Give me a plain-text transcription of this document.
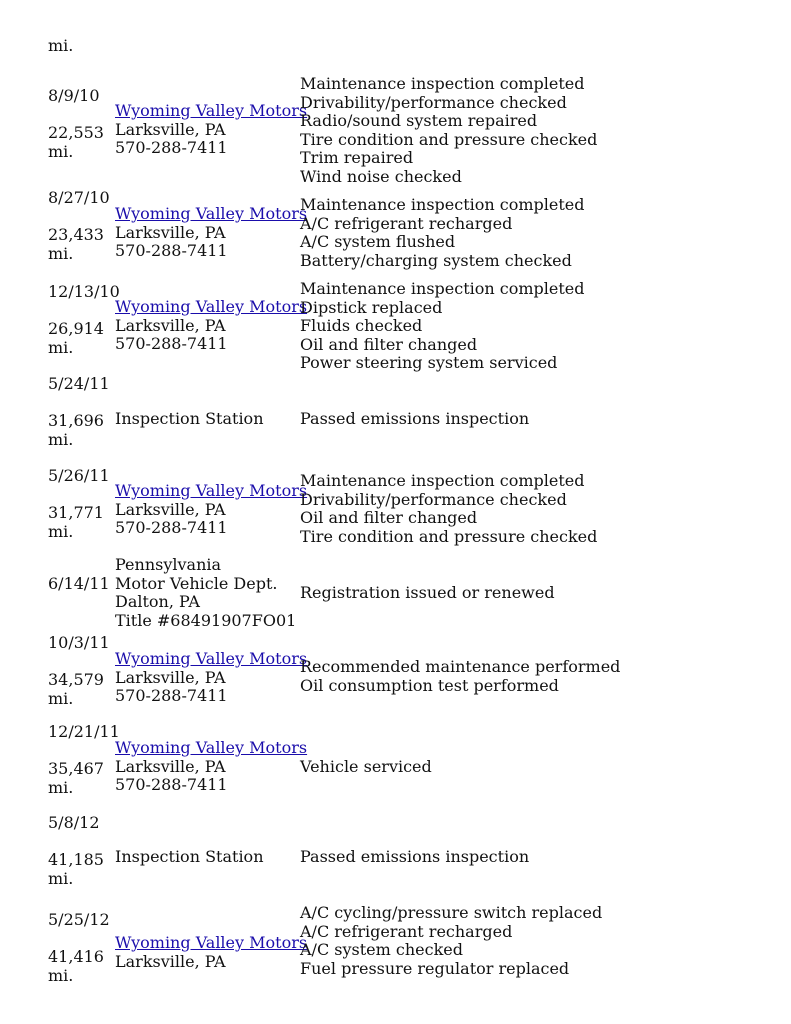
mi.
8/9/10
22,553
mi.
Wyoming Valley Motors
Larksville, PA
570-288-7411
Maintenance inspection completed
Drivability/performance checked
Radio/sound system repaired
Tire condition and pressure checked
Trim repaired
Wind noise checked
8/27/10
23,433
mi.
Wyoming Valley Motors
Larksville, PA
570-288-7411
Maintenance inspection completed
A/C refrigerant recharged
A/C system flushed
Battery/charging system checked
12/13/10
26,914
mi.
Wyoming Valley Motors
Larksville, PA
570-288-7411
Maintenance inspection completed
Dipstick replaced
Fluids checked
Oil and filter changed
Power steering system serviced
5/24/11
31,696
mi.
Inspection Station	Passed emissions inspection
5/26/11
31,771
mi.
Wyoming Valley Motors
Larksville, PA
570-288-7411
Maintenance inspection completed
Drivability/performance checked
Oil and filter changed
Tire condition and pressure checked
6/14/11
Pennsylvania
Motor Vehicle Dept.
Dalton, PA
Title #68491907FO01
Registration issued or renewed
10/3/11
34,579
mi.
Wyoming Valley Motors
Larksville, PA
570-288-7411
Recommended maintenance performed
Oil consumption test performed
12/21/11
35,467
mi.
Wyoming Valley Motors
Larksville, PA
570-288-7411
Vehicle serviced
5/8/12
41,185
mi.
Inspection Station	Passed emissions inspection
5/25/12
41,416
mi.
Wyoming Valley Motors
Larksville, PA
A/C cycling/pressure switch replaced
A/C refrigerant recharged
A/C system checked
Fuel pressure regulator replaced
